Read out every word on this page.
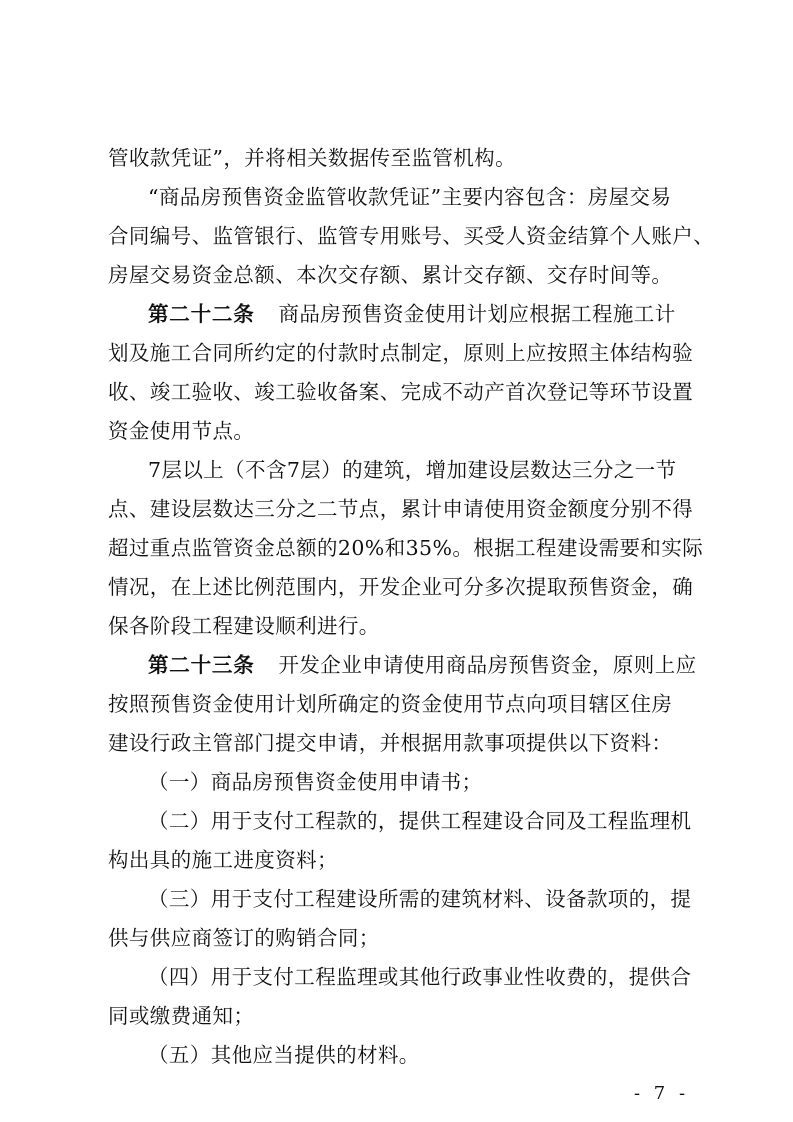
管收款凭证”，并将相关数据传至监管机构。
“商品房预售资金监管收款凭证”主要内容包含：房屋交易
合同编号、监管银行、监管专用账号、买受人资金结算个人账户、
房屋交易资金总额、本次交存额、累计交存额、交存时间等。
第二十二条 商品房预售资金使用计划应根据工程施工计
划及施工合同所约定的付款时点制定，原则上应按照主体结构验
收、竣工验收、竣工验收备案、完成不动产首次登记等环节设置
资金使用节点。
7层以上（不含7层）的建筑，增加建设层数达三分之一节
点、建设层数达三分之二节点，累计申请使用资金额度分别不得
超过重点监管资金总额的20%和35%。根据工程建设需要和实际
情况，在上述比例范围内，开发企业可分多次提取预售资金，确
保各阶段工程建设顺利进行。
第二十三条 开发企业申请使用商品房预售资金，原则上应
按照预售资金使用计划所确定的资金使用节点向项目辖区住房
建设行政主管部门提交申请，并根据用款事项提供以下资料：
（一）商品房预售资金使用申请书；
（二）用于支付工程款的，提供工程建设合同及工程监理机
构出具的施工进度资料；
（三）用于支付工程建设所需的建筑材料、设备款项的，提
供与供应商签订的购销合同；
（四）用于支付工程监理或其他行政事业性收费的，提供合
同或缴费通知；
（五）其他应当提供的材料。
- 7 -
